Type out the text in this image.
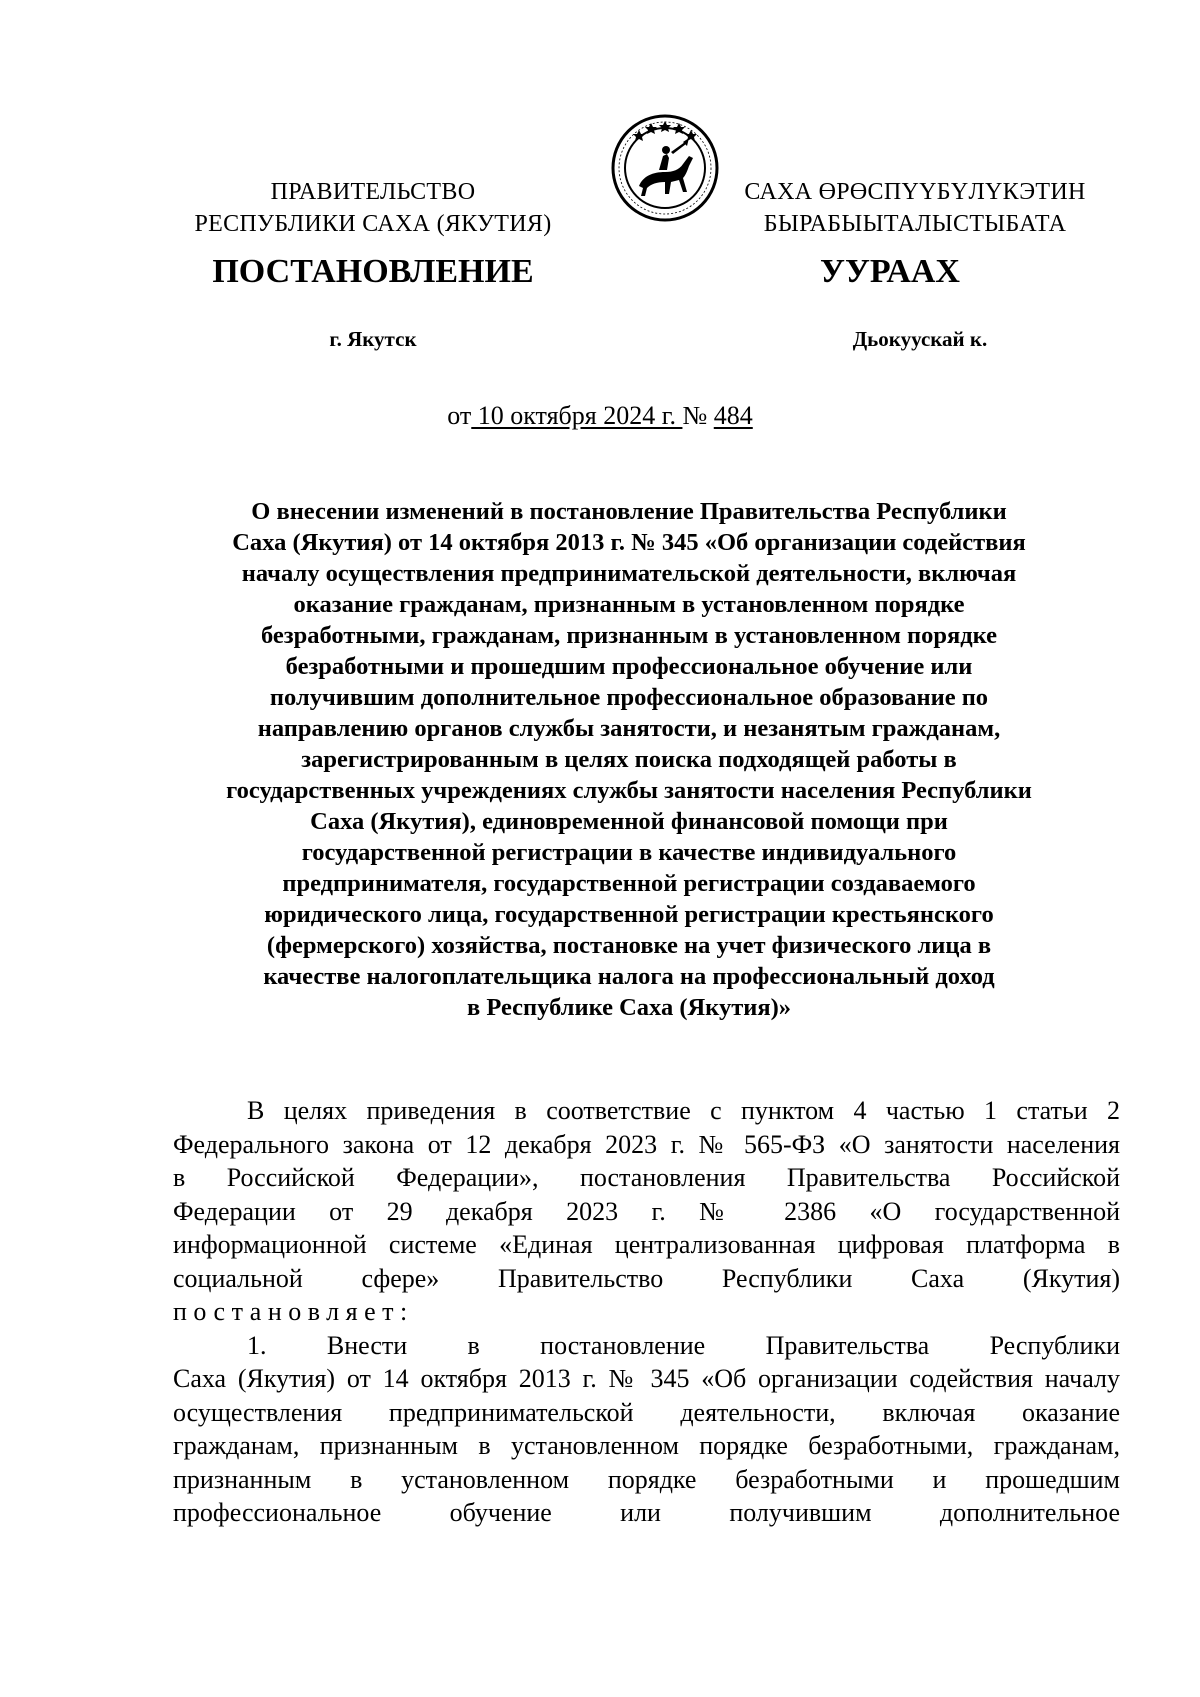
ПРАВИТЕЛЬСТВО
РЕСПУБЛИКИ САХА (ЯКУТИЯ)
САХА ӨРӨСПҮҮБҮЛҮКЭТИН
БЫРАБЫЫТАЛЫСТЫБАТА
ПОСТАНОВЛЕНИЕ	УУРААХ
г. Якутск	Дьокуускай к.
от 10 октября 2024 г. № 484
О внесении изменений в постановление Правительства Республики
Саха (Якутия) от 14 октября 2013 г. № 345 «Об организации содействия
началу осуществления предпринимательской деятельности, включая
оказание гражданам, признанным в установленном порядке
безработными, гражданам, признанным в установленном порядке
безработными и прошедшим профессиональное обучение или
получившим дополнительное профессиональное образование по
направлению органов службы занятости, и незанятым гражданам,
зарегистрированным в целях поиска подходящей работы в
государственных учреждениях службы занятости населения Республики
Саха (Якутия), единовременной финансовой помощи при
государственной регистрации в качестве индивидуального
предпринимателя, государственной регистрации создаваемого
юридического лица, государственной регистрации крестьянского
(фермерского) хозяйства, постановке на учет физического лица в
качестве налогоплательщика налога на профессиональный доход
в Республике Саха (Якутия)»
В целях приведения в соответствие с пунктом 4 частью 1 статьи 2
Федерального закона от 12 декабря 2023 г. № 565-ФЗ «О занятости населения
в Российской Федерации», постановления Правительства Российской
Федерации от 29 декабря 2023 г. № 2386 «О государственной
информационной системе «Единая централизованная цифровая платформа в
социальной сфере» Правительство Республики Саха (Якутия)
постановляет:
1. Внести в постановление Правительства Республики
Саха (Якутия) от 14 октября 2013 г. № 345 «Об организации содействия началу
осуществления предпринимательской деятельности, включая оказание
гражданам, признанным в установленном порядке безработными, гражданам,
признанным в установленном порядке безработными и прошедшим
профессиональное обучение или получившим дополнительное
